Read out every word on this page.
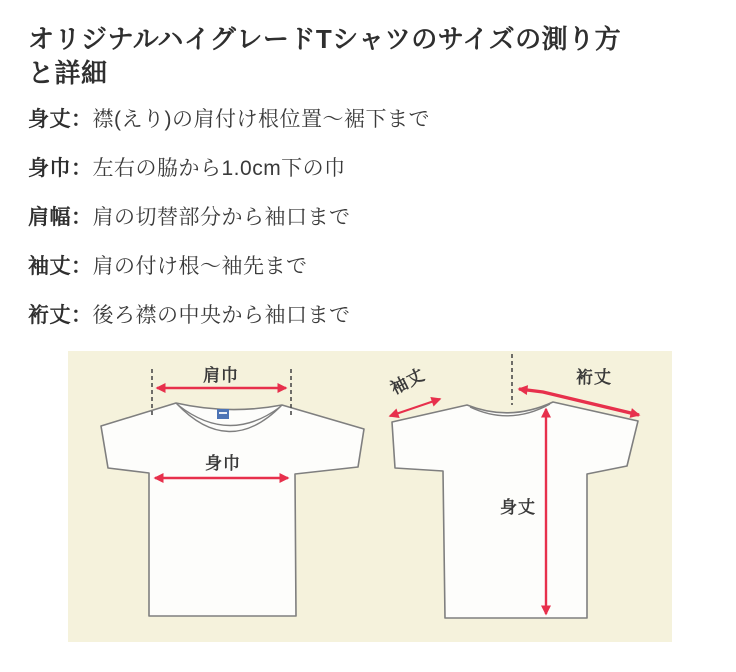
オリジナルハイグレードTシャツのサイズの測り方
と詳細
身丈：襟(えり)の肩付け根位置〜裾下まで
身巾：左右の脇から1.0cm下の巾
肩幅：肩の切替部分から袖口まで
袖丈：肩の付け根〜袖先まで
裄丈：後ろ襟の中央から袖口まで
肩巾
身巾
袖丈	裄丈
身丈
